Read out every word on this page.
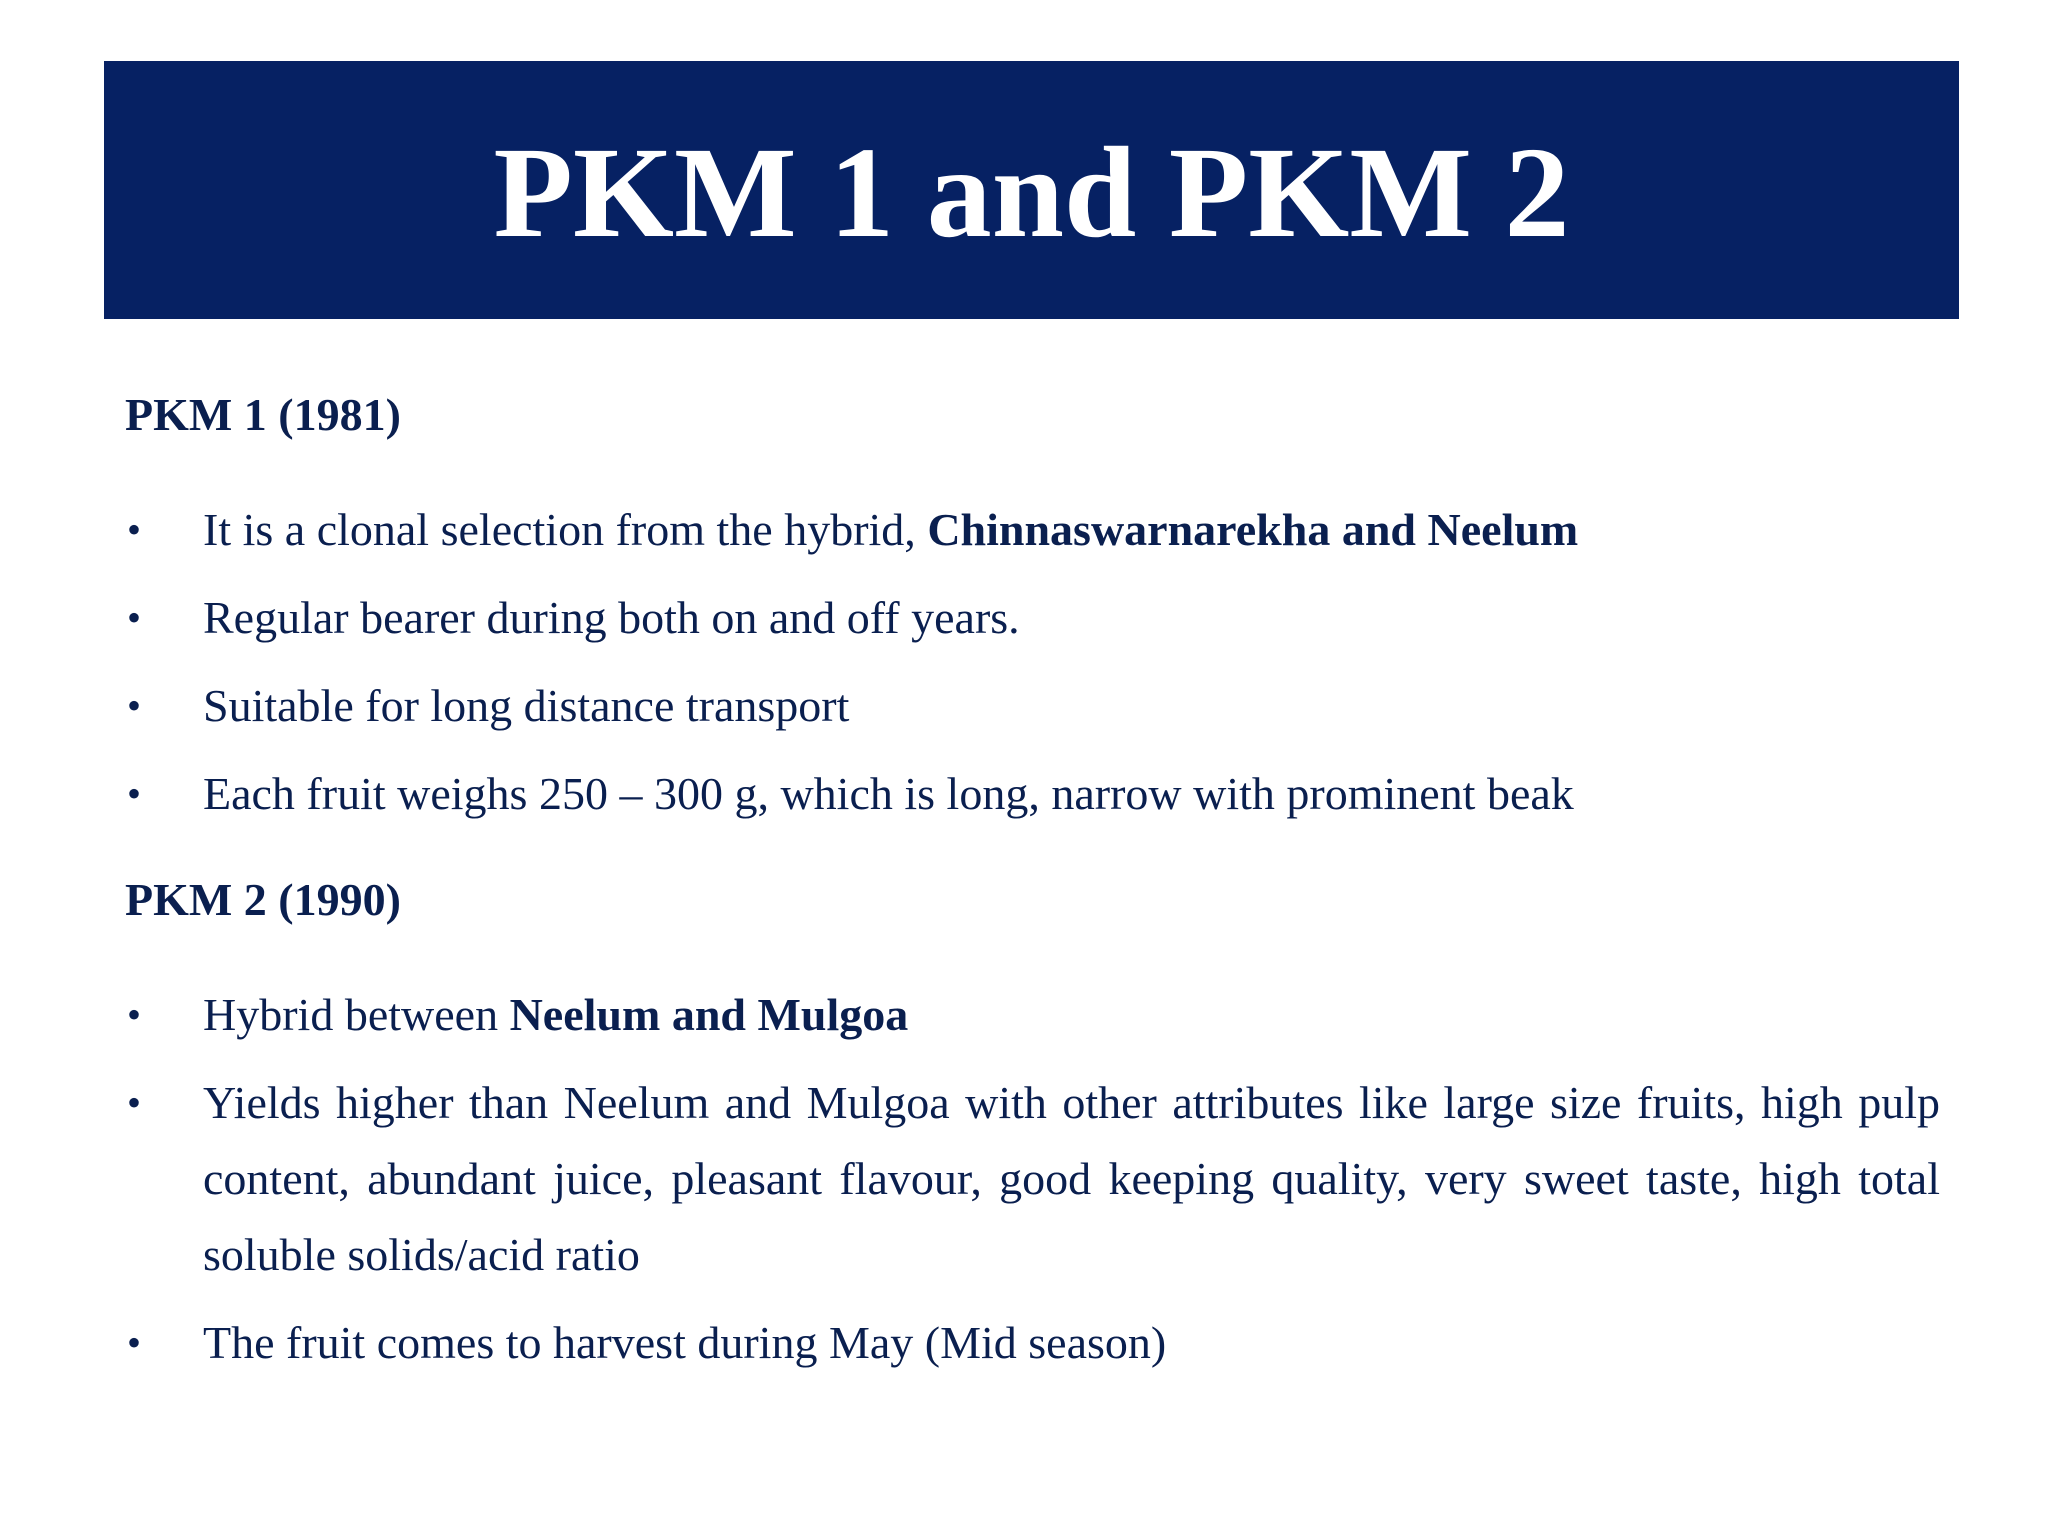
PKM 1 and PKM 2

PKM 1 (1981)

• It is a clonal selection from the hybrid, Chinnaswarnarekha and Neelum
• Regular bearer during both on and off years.
• Suitable for long distance transport
• Each fruit weighs 250 – 300 g, which is long, narrow with prominent beak

PKM 2 (1990)

• Hybrid between Neelum and Mulgoa
• Yields higher than Neelum and Mulgoa with other attributes like large size fruits, high pulp content, abundant juice, pleasant flavour, good keeping quality, very sweet taste, high total soluble solids/acid ratio
• The fruit comes to harvest during May (Mid season)
